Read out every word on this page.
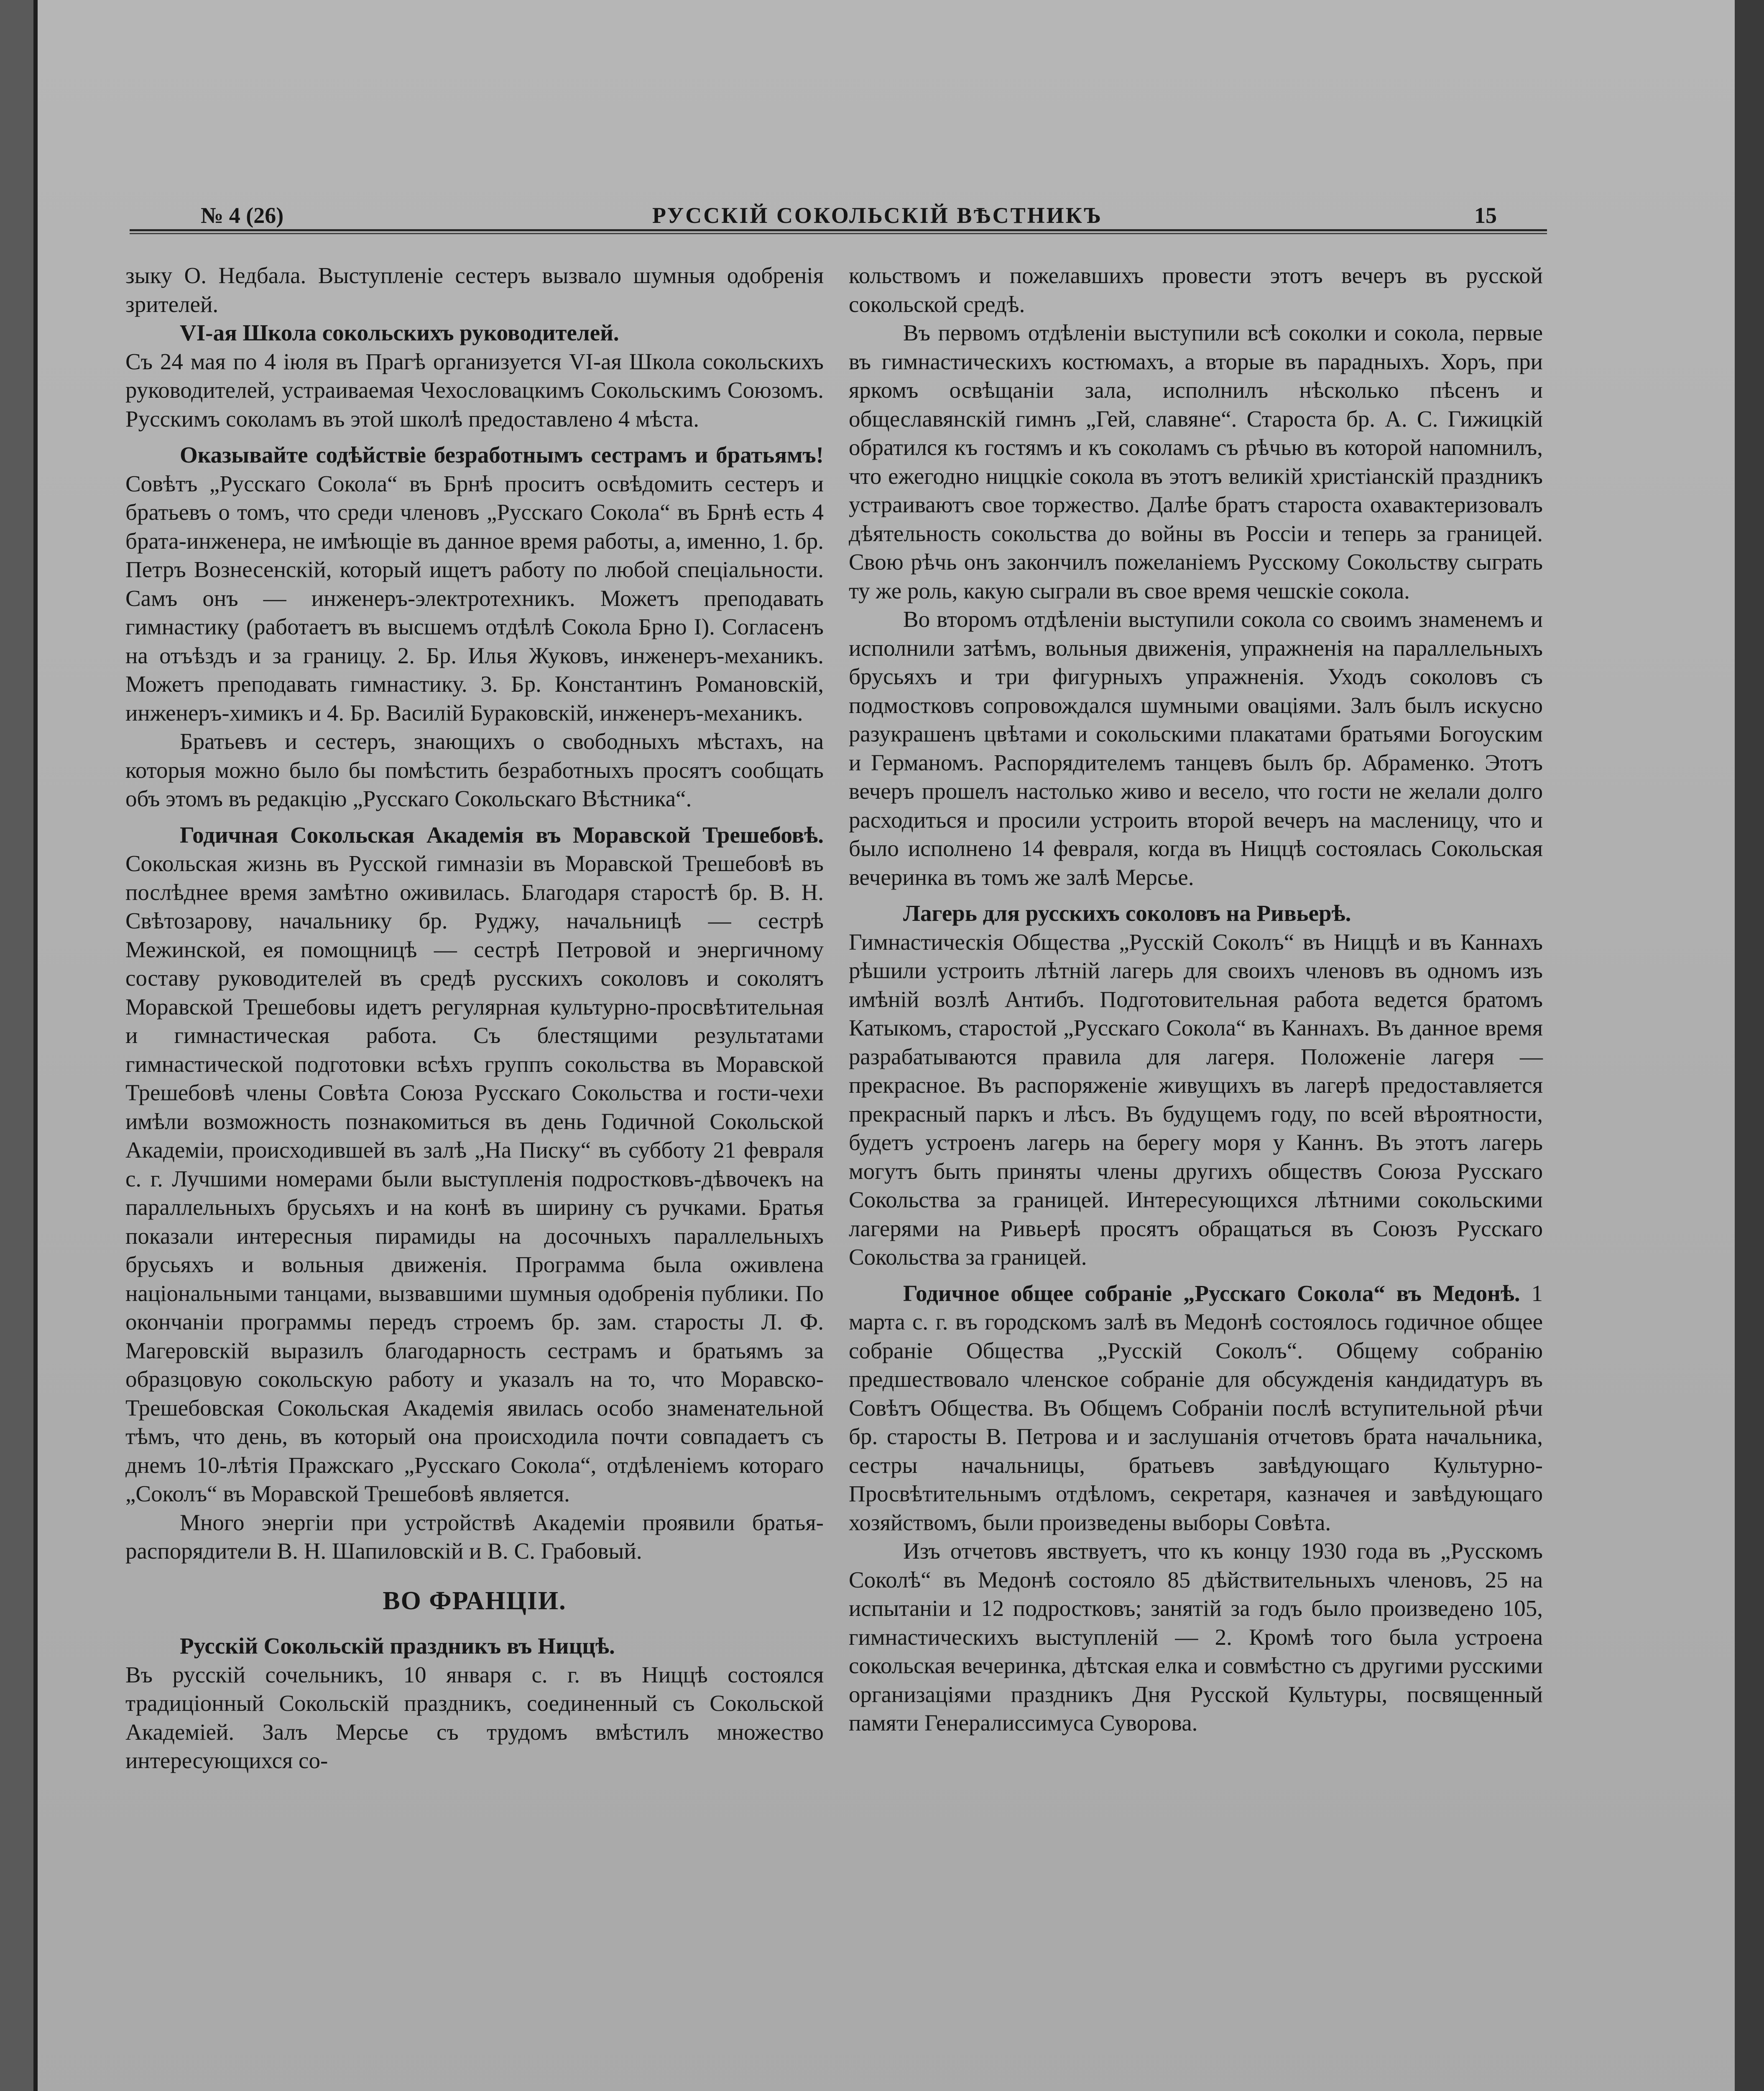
№ 4 (26)	РУССКІЙ СОКОЛЬСКІЙ ВѢСТНИКЪ	15

зыку О. Недбала. Выступленіе сестеръ вызвало шумныя одобренія зрителей.

VI-ая Школа сокольскихъ руководителей.

Съ 24 мая по 4 іюля въ Прагѣ организуется VI-ая Школа сокольскихъ руководителей, устраиваемая Чехословацкимъ Сокольскимъ Союзомъ. Русскимъ соколамъ въ этой школѣ предоставлено 4 мѣста.

Оказывайте содѣйствіе безработнымъ сестрамъ и братьямъ! Совѣтъ „Русскаго Сокола“ въ Брнѣ проситъ освѣдомить сестеръ и братьевъ о томъ, что среди членовъ „Русскаго Сокола“ въ Брнѣ есть 4 брата-инженера, не имѣющіе въ данное время работы, а, именно, 1. бр. Петръ Вознесенскій, который ищетъ работу по любой спеціальности. Самъ онъ — инженеръ-электротехникъ. Можетъ преподавать гимнастику (работаетъ въ высшемъ отдѣлѣ Сокола Брно I). Согласенъ на отъѣздъ и за границу. 2. Бр. Илья Жуковъ, инженеръ-механикъ. Можетъ преподавать гимнастику. 3. Бр. Константинъ Романовскій, инженеръ-химикъ и 4. Бр. Василій Бураковскій, инженеръ-механикъ.

Братьевъ и сестеръ, знающихъ о свободныхъ мѣстахъ, на которыя можно было бы помѣстить безработныхъ просятъ сообщать объ этомъ въ редакцію „Русскаго Сокольскаго Вѣстника“.

Годичная Сокольская Академія въ Моравской Трешебовѣ. Сокольская жизнь въ Русской гимназіи въ Моравской Трешебовѣ въ послѣднее время замѣтно оживилась. Благодаря старостѣ бр. В. Н. Свѣтозарову, начальнику бр. Руджу, начальницѣ — сестрѣ Межинской, ея помощницѣ — сестрѣ Петровой и энергичному составу руководителей въ средѣ русскихъ соколовъ и соколятъ Моравской Трешебовы идетъ регулярная культурно-просвѣтительная и гимнастическая работа. Съ блестящими результатами гимнастической подготовки всѣхъ группъ сокольства въ Моравской Трешебовѣ члены Совѣта Союза Русскаго Сокольства и гости-чехи имѣли возможность познакомиться въ день Годичной Сокольской Академіи, происходившей въ залѣ „На Писку“ въ субботу 21 февраля с. г. Лучшими номерами были выступленія подростковъ-дѣвочекъ на параллельныхъ брусьяхъ и на конѣ въ ширину съ ручками. Братья показали интересныя пирамиды на досочныхъ параллельныхъ брусьяхъ и вольныя движенія. Программа была оживлена національными танцами, вызвавшими шумныя одобренія публики. По окончаніи программы передъ строемъ бр. зам. старосты Л. Ф. Магеровскій выразилъ благодарность сестрамъ и братьямъ за образцовую сокольскую работу и указалъ на то, что Моравско-Трешебовская Сокольская Академія явилась особо знаменательной тѣмъ, что день, въ который она происходила почти совпадаетъ съ днемъ 10-лѣтія Пражскаго „Русскаго Сокола“, отдѣленіемъ котораго „Соколъ“ въ Моравской Трешебовѣ является.

Много энергіи при устройствѣ Академіи проявили братья-распорядители В. Н. Шапиловскій и В. С. Грабовый.

ВО ФРАНЦІИ.

Русскій Сокольскій праздникъ въ Ниццѣ.

Въ русскій сочельникъ, 10 января с. г. въ Ниццѣ состоялся традиціонный Сокольскій праздникъ, соединенный съ Сокольской Академіей. Залъ Мерсье съ трудомъ вмѣстилъ множество интересующихся со-

кольствомъ и пожелавшихъ провести этотъ вечеръ въ русской сокольской средѣ.

Въ первомъ отдѣленіи выступили всѣ соколки и сокола, первые въ гимнастическихъ костюмахъ, а вторые въ парадныхъ. Хоръ, при яркомъ освѣщаніи зала, исполнилъ нѣсколько пѣсенъ и общеславянскій гимнъ „Гей, славяне“. Староста бр. А. С. Гижицкій обратился къ гостямъ и къ соколамъ съ рѣчью въ которой напомнилъ, что ежегодно ниццкіе сокола въ этотъ великій христіанскій праздникъ устраиваютъ свое торжество. Далѣе братъ староста охавактеризовалъ дѣятельность сокольства до войны въ Россіи и теперь за границей. Свою рѣчь онъ закончилъ пожеланіемъ Русскому Сокольству сыграть ту же роль, какую сыграли въ свое время чешскіе сокола.

Во второмъ отдѣленіи выступили сокола со своимъ знаменемъ и исполнили затѣмъ, вольныя движенія, упражненія на параллельныхъ брусьяхъ и три фигурныхъ упражненія. Уходъ соколовъ съ подмостковъ сопровождался шумными оваціями. Залъ былъ искусно разукрашенъ цвѣтами и сокольскими плакатами братьями Богоуским и Германомъ. Распорядителемъ танцевъ былъ бр. Абраменко. Этотъ вечеръ прошелъ настолько живо и весело, что гости не желали долго расходиться и просили устроить второй вечеръ на масленицу, что и было исполнено 14 февраля, когда въ Ниццѣ состоялась Сокольская вечеринка въ томъ же залѣ Мерсье.

Лагерь для русскихъ соколовъ на Ривьерѣ.

Гимнастическія Общества „Русскій Соколъ“ въ Ниццѣ и въ Каннахъ рѣшили устроить лѣтній лагерь для своихъ членовъ въ одномъ изъ имѣній возлѣ Антибъ. Подготовительная работа ведется братомъ Катыкомъ, старостой „Русскаго Сокола“ въ Каннахъ. Въ данное время разрабатываются правила для лагеря. Положеніе лагеря — прекрасное. Въ распоряженіе живущихъ въ лагерѣ предоставляется прекрасный паркъ и лѣсъ. Въ будущемъ году, по всей вѣроятности, будетъ устроенъ лагерь на берегу моря у Каннъ. Въ этотъ лагерь могутъ быть приняты члены другихъ обществъ Союза Русскаго Сокольства за границей. Интересующихся лѣтними сокольскими лагерями на Ривьерѣ просятъ обращаться въ Союзъ Русскаго Сокольства за границей.

Годичное общее собраніе „Русскаго Сокола“ въ Медонѣ. 1 марта с. г. въ городскомъ залѣ въ Медонѣ состоялось годичное общее собраніе Общества „Русскій Соколъ“. Общему собранію предшествовало членское собраніе для обсужденія кандидатуръ въ Совѣтъ Общества. Въ Общемъ Собраніи послѣ вступительной рѣчи бр. старосты В. Петрова и и заслушанія отчетовъ брата начальника, сестры начальницы, братьевъ завѣдующаго Культурно-Просвѣтительнымъ отдѣломъ, секретаря, казначея и завѣдующаго хозяйствомъ, были произведены выборы Совѣта.

Изъ отчетовъ явствуетъ, что къ концу 1930 года въ „Русскомъ Соколѣ“ въ Медонѣ состояло 85 дѣйствительныхъ членовъ, 25 на испытаніи и 12 подростковъ; занятій за годъ было произведено 105, гимнастическихъ выступленій — 2. Кромѣ того была устроена сокольская вечеринка, дѣтская елка и совмѣстно съ другими русскими организаціями праздникъ Дня Русской Культуры, посвященный памяти Генералиссимуса Суворова.
